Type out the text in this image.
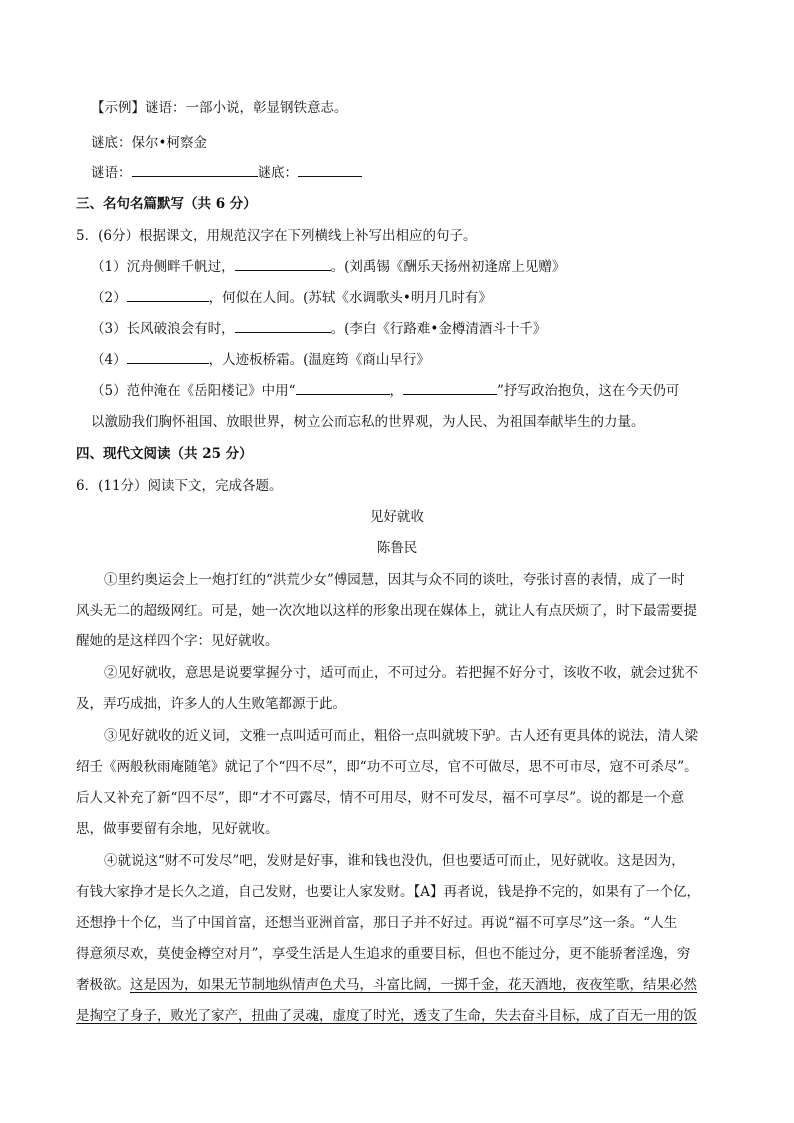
【示例】谜语：一部小说，彰显钢铁意志。
谜底：保尔•柯察金
谜语：	谜底：
三、名句名篇默写（共 6 分）
5．(6分）根据课文，用规范汉字在下列横线上补写出相应的句子。
（1）沉舟侧畔千帆过，	。(刘禹锡《酬乐天扬州初逢席上见赠》
（2）	，何似在人间。(苏轼《水调歌头•明月几时有》
（3）长风破浪会有时，	。(李白《行路难•金樽清酒斗十千》
（4）	，人迹板桥霜。(温庭筠《商山早行》
（5）范仲淹在《岳阳楼记》中用“	，	”抒写政治抱负，这在今天仍可
以激励我们胸怀祖国、放眼世界，树立公而忘私的世界观，为人民、为祖国奉献毕生的力量。
四、现代文阅读（共 25 分）
6．(11分）阅读下文，完成各题。
见好就收
陈鲁民
①里约奥运会上一炮打红的“洪荒少女”傅园慧，因其与众不同的谈吐，夸张讨喜的表情，成了一时
风头无二的超级网红。可是，她一次次地以这样的形象出现在媒体上，就让人有点厌烦了，时下最需要提
醒她的是这样四个字：见好就收。
②见好就收，意思是说要掌握分寸，适可而止，不可过分。若把握不好分寸，该收不收，就会过犹不
及，弄巧成拙，许多人的人生败笔都源于此。
③见好就收的近义词，文雅一点叫适可而止，粗俗一点叫就坡下驴。古人还有更具体的说法，清人梁
绍壬《两般秋雨庵随笔》就记了个“四不尽”，即“功不可立尽，官不可做尽，思不可市尽，寇不可杀尽”。
后人又补充了新“四不尽”，即“才不可露尽，情不可用尽，财不可发尽，福不可享尽”。说的都是一个意
思，做事要留有余地，见好就收。
④就说这“财不可发尽”吧，发财是好事，谁和钱也没仇，但也要适可而止，见好就收。这是因为，
有钱大家挣才是长久之道，自己发财，也要让人家发财。【A】再者说，钱是挣不完的，如果有了一个亿，
还想挣十个亿，当了中国首富，还想当亚洲首富，那日子并不好过。再说“福不可享尽”这一条。“人生
得意须尽欢，莫使金樽空对月”，享受生活是人生追求的重要目标，但也不能过分，更不能骄奢淫逸，穷
奢极欲。这是因为，如果无节制地纵情声色犬马，斗富比阔，一掷千金，花天酒地，夜夜笙歌，结果必然
是掏空了身子，败光了家产，扭曲了灵魂，虚度了时光，透支了生命，失去奋斗目标，成了百无一用的饭
